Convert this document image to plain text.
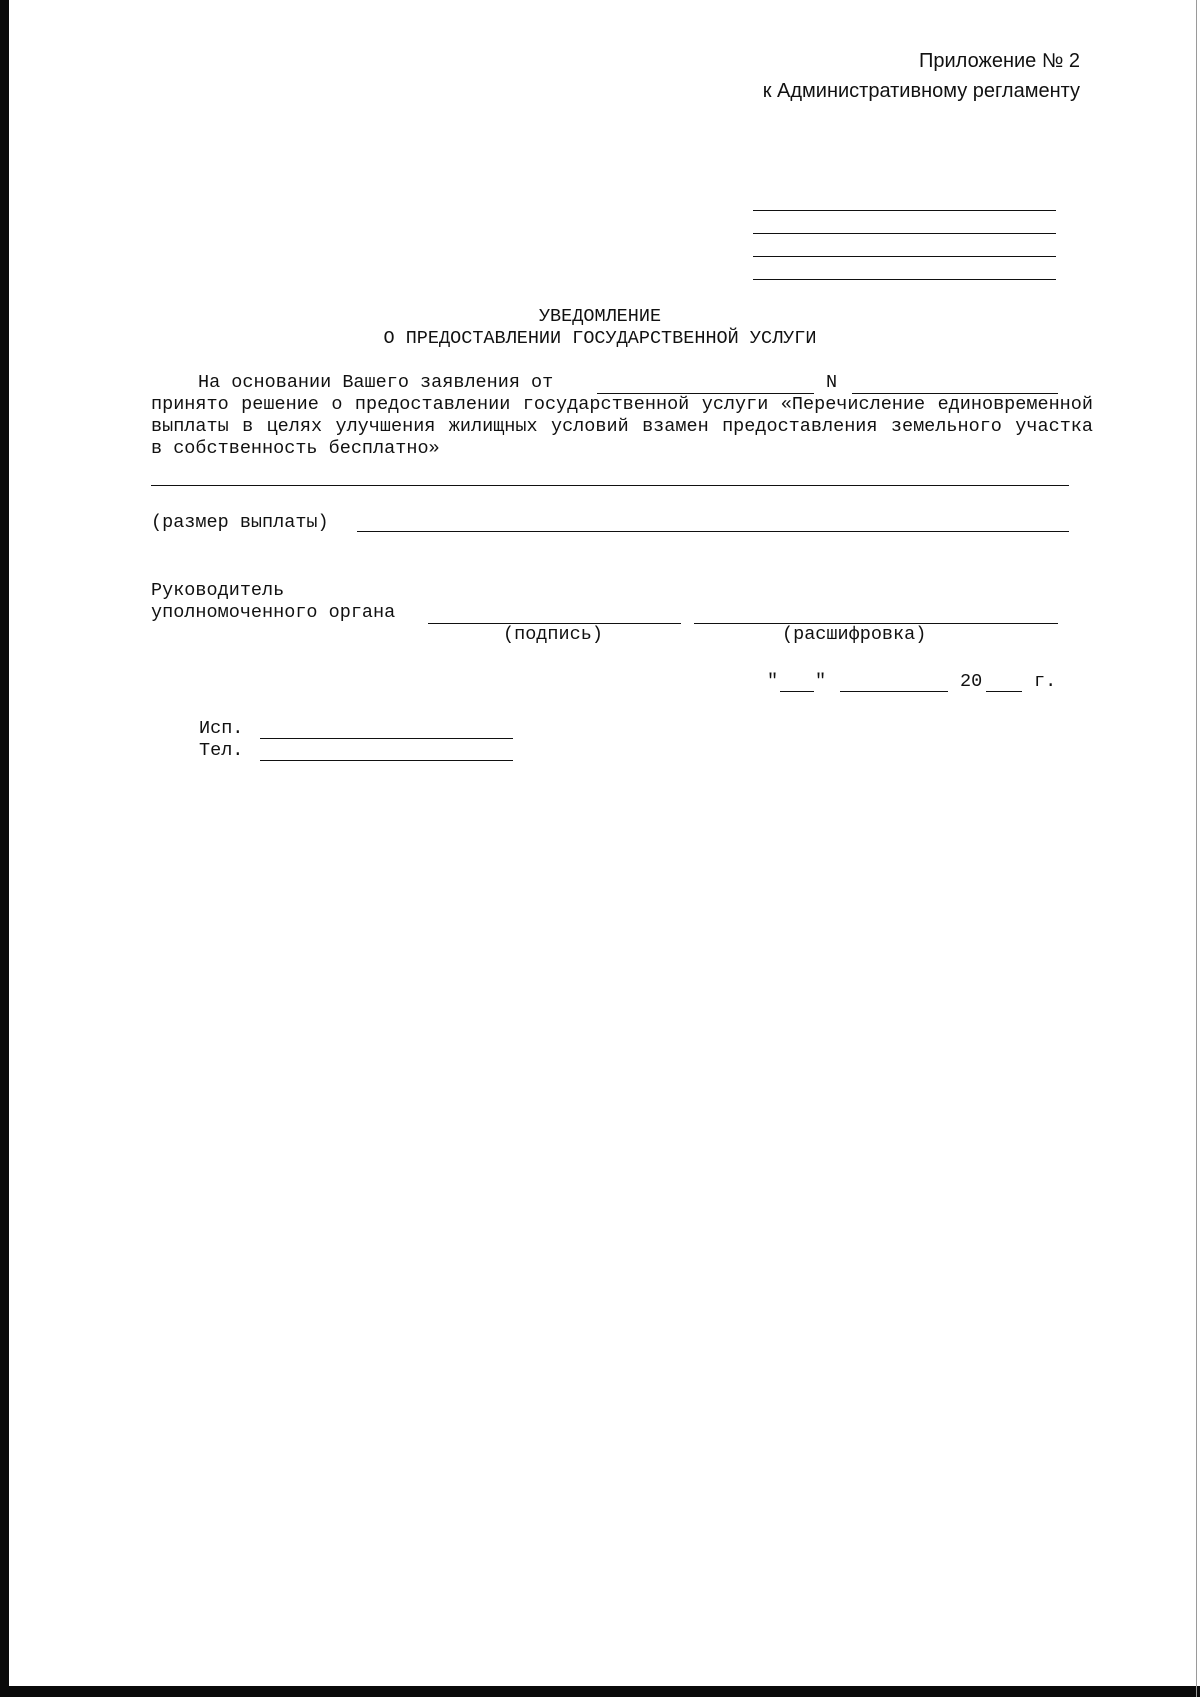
Приложение № 2
к Административному регламенту
УВЕДОМЛЕНИЕ
О ПРЕДОСТАВЛЕНИИ ГОСУДАРСТВЕННОЙ УСЛУГИ
На основании Вашего заявления от	N
принято решение о предоставлении государственной услуги «Перечисление единовременной выплаты в целях улучшения жилищных условий взамен предоставления земельного участка в собственность бесплатно»
(размер выплаты)
Руководитель
уполномоченного органа
(подпись)	(расшифровка)
" "	20	г.
Исп.
Тел.
